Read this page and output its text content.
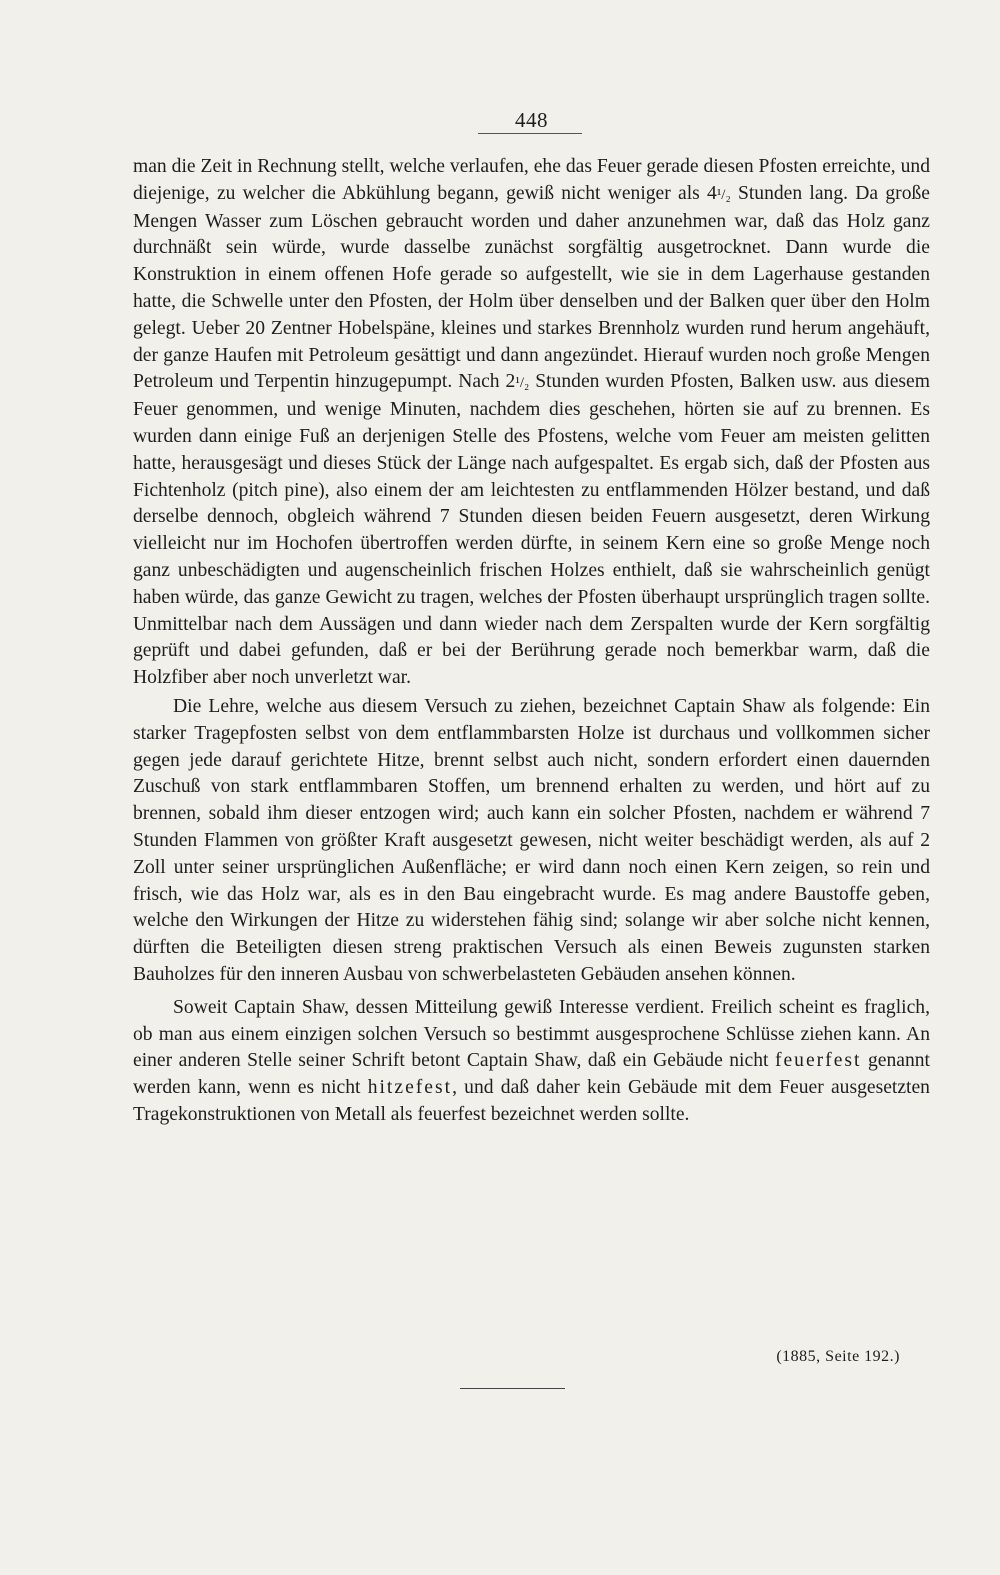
448

man die Zeit in Rechnung stellt, welche verlaufen, ehe das Feuer gerade diesen Pfosten erreichte, und diejenige, zu welcher die Abkühlung begann, gewiß nicht weniger als 4¹/₂ Stunden lang. Da große Mengen Wasser zum Löschen gebraucht worden und daher anzunehmen war, daß das Holz ganz durchnäßt sein würde, wurde dasselbe zunächst sorgfältig ausgetrocknet. Dann wurde die Konstruktion in einem offenen Hofe gerade so aufgestellt, wie sie in dem Lagerhause gestanden hatte, die Schwelle unter den Pfosten, der Holm über denselben und der Balken quer über den Holm gelegt. Ueber 20 Zentner Hobelspäne, kleines und starkes Brennholz wurden rund herum angehäuft, der ganze Haufen mit Petroleum gesättigt und dann angezündet. Hierauf wurden noch große Mengen Petroleum und Terpentin hinzugepumpt. Nach 2¹/₂ Stunden wurden Pfosten, Balken usw. aus diesem Feuer genommen, und wenige Minuten, nachdem dies geschehen, hörten sie auf zu brennen. Es wurden dann einige Fuß an derjenigen Stelle des Pfostens, welche vom Feuer am meisten gelitten hatte, herausgesägt und dieses Stück der Länge nach aufgespaltet. Es ergab sich, daß der Pfosten aus Fichtenholz (pitch pine), also einem der am leichtesten zu entflammenden Hölzer bestand, und daß derselbe dennoch, obgleich während 7 Stunden diesen beiden Feuern ausgesetzt, deren Wirkung vielleicht nur im Hochofen übertroffen werden dürfte, in seinem Kern eine so große Menge noch ganz unbeschädigten und augenscheinlich frischen Holzes enthielt, daß sie wahrscheinlich genügt haben würde, das ganze Gewicht zu tragen, welches der Pfosten überhaupt ursprünglich tragen sollte. Unmittelbar nach dem Aussägen und dann wieder nach dem Zerspalten wurde der Kern sorgfältig geprüft und dabei gefunden, daß er bei der Berührung gerade noch bemerkbar warm, daß die Holzfiber aber noch unverletzt war.

Die Lehre, welche aus diesem Versuch zu ziehen, bezeichnet Captain Shaw als folgende: Ein starker Tragepfosten selbst von dem entflammbarsten Holze ist durchaus und vollkommen sicher gegen jede darauf gerichtete Hitze, brennt selbst auch nicht, sondern erfordert einen dauernden Zuschuß von stark entflammbaren Stoffen, um brennend erhalten zu werden, und hört auf zu brennen, sobald ihm dieser entzogen wird; auch kann ein solcher Pfosten, nachdem er während 7 Stunden Flammen von größter Kraft ausgesetzt gewesen, nicht weiter beschädigt werden, als auf 2 Zoll unter seiner ursprünglichen Außenfläche; er wird dann noch einen Kern zeigen, so rein und frisch, wie das Holz war, als es in den Bau eingebracht wurde. Es mag andere Baustoffe geben, welche den Wirkungen der Hitze zu widerstehen fähig sind; solange wir aber solche nicht kennen, dürften die Beteiligten diesen streng praktischen Versuch als einen Beweis zugunsten starken Bauholzes für den inneren Ausbau von schwerbelasteten Gebäuden ansehen können.

Soweit Captain Shaw, dessen Mitteilung gewiß Interesse verdient. Freilich scheint es fraglich, ob man aus einem einzigen solchen Versuch so bestimmt ausgesprochene Schlüsse ziehen kann. An einer anderen Stelle seiner Schrift betont Captain Shaw, daß ein Gebäude nicht feuerfest genannt werden kann, wenn es nicht hitzefest, und daß daher kein Gebäude mit dem Feuer ausgesetzten Tragekonstruktionen von Metall als feuerfest bezeichnet werden sollte.

(1885, Seite 192.)
